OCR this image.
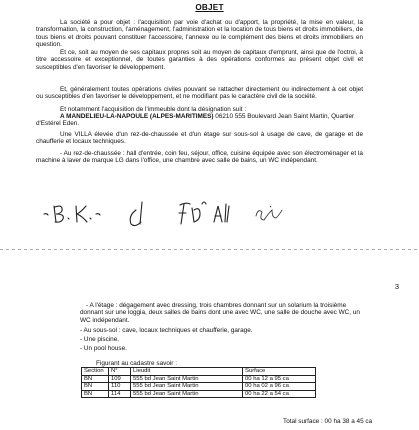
OBJET

La société a pour objet : l'acquisition par voie d'achat ou d'apport, la propriété, la mise en valeur, la transformation, la construction, l'aménagement, l'administration et la location de tous biens et droits immobiliers, de tous biens et droits pouvant constituer l'accessoire, l'annexe ou le complément des biens et droits immobiliers en question.

Et ce, soit au moyen de ses capitaux propres soit au moyen de capitaux d'emprunt, ainsi que de l'octroi, à titre accessoire et exceptionnel, de toutes garanties à des opérations conformes au présent objet civil et susceptibles d'en favoriser le développement.

Et, généralement toutes opérations civiles pouvant se rattacher directement ou indirectement à cet objet ou susceptibles d'en favoriser le développement, et ne modifiant pas le caractère civil de la société.

Et notamment l'acquisition de l'immeuble dont la désignation suit :

A MANDELIEU-LA-NAPOULE (ALPES-MARITIMES) 06210 555 Boulevard Jean Saint Martin, Quartier d'Estérel Eden.

Une VILLA élevée d'un rez-de-chaussée et d'un étage sur sous-sol à usage de cave, de garage et de chaufferie et locaux techniques.

- Au rez-de-chaussée : hall d'entrée, coin feu, séjour, office, cuisine équipée avec son électroménager et la machine à laver de marque LG dans l'office, une chambre avec salle de bains, un WC indépendant.

3

- A l'étage : dégagement avec dressing, trois chambres donnant sur un solarium la troisième donnant sur une loggia, deux salles de bains dont une avec WC, une salle de douche avec WC, un WC indépendant.

- Au sous-sol : cave, locaux techniques et chaufferie, garage.

- Une piscine.

- Un pool house.

Figurant au cadastre savoir :
Section	N°	Lieudit	Surface
BN	109	555 bd Jean Saint Martin	00 ha 12 a 95 ca
BN	110	555 bd Jean Saint Martin	00 ha 02 a 96 ca
BN	114	555 bd Jean Saint Martin	00 ha 22 a 54 ca
Total surface : 00 ha 38 a 45 ca
